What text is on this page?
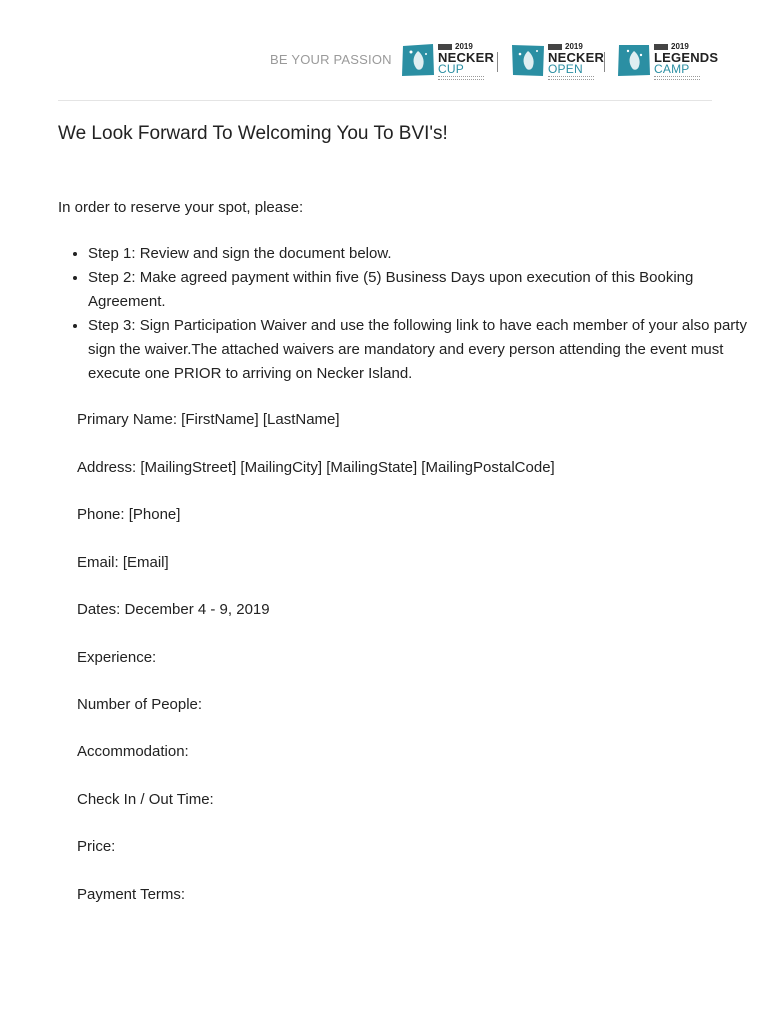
BE YOUR PASSION
2019
NECKER
CUP
2019
NECKER
OPEN
2019
LEGENDS
CAMP
We Look Forward To Welcoming You To BVI's!

In order to reserve your spot, please:

• Step 1: Review and sign the document below.
• Step 2: Make agreed payment within five (5) Business Days upon execution of this Booking Agreement.
• Step 3: Sign Participation Waiver and use the following link to have each member of your also party sign the waiver.The attached waivers are mandatory and every person attending the event must execute one PRIOR to arriving on Necker Island.
Primary Name: [FirstName] [LastName]
Address: [MailingStreet] [MailingCity] [MailingState] [MailingPostalCode]
Phone: [Phone]
Email: [Email]
Dates: December 4 - 9, 2019
Experience:
Number of People:
Accommodation:
Check In / Out Time:
Price:
Payment Terms:
